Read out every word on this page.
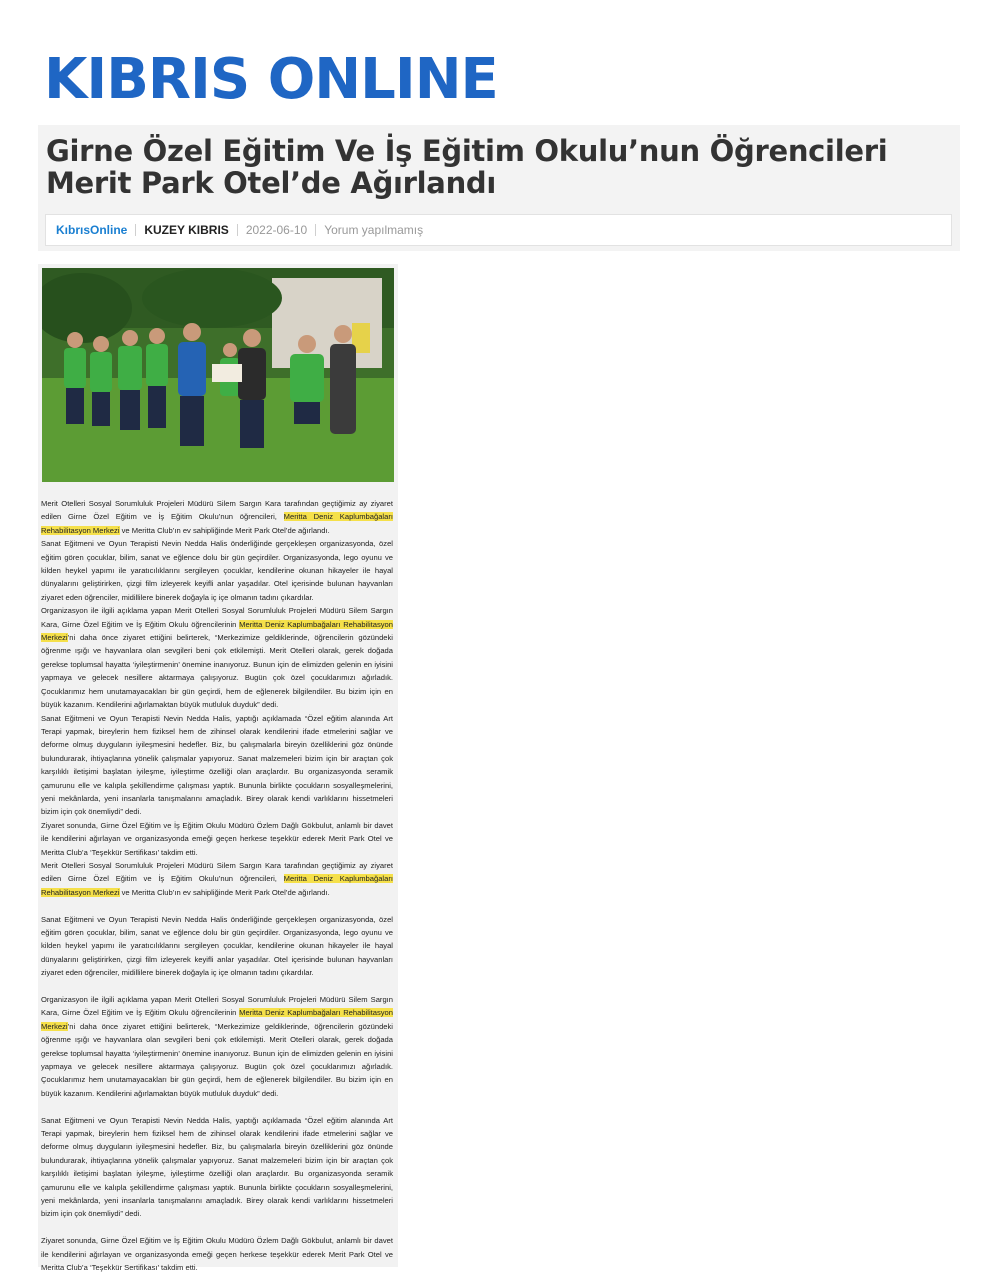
KIBRIS ONLINE
Girne Özel Eğitim Ve İş Eğitim Okulu’nun Öğrencileri Merit Park Otel’de Ağırlandı
KıbrısOnline	KUZEY KIBRIS	2022-06-10	Yorum yapılmamış

Merit Otelleri Sosyal Sorumluluk Projeleri Müdürü Silem Sargın Kara tarafından geçtiğimiz ay ziyaret edilen Girne Özel Eğitim ve İş Eğitim Okulu’nun öğrencileri, Meritta Deniz Kaplumbağaları Rehabilitasyon Merkezi ve Meritta Club’ın ev sahipliğinde Merit Park Otel’de ağırlandı.

Sanat Eğitmeni ve Oyun Terapisti Nevin Nedda Halis önderliğinde gerçekleşen organizasyonda, özel eğitim gören çocuklar, bilim, sanat ve eğlence dolu bir gün geçirdiler. Organizasyonda, lego oyunu ve kilden heykel yapımı ile yaratıcılıklarını sergileyen çocuklar, kendilerine okunan hikayeler ile hayal dünyalarını geliştirirken, çizgi film izleyerek keyifli anlar yaşadılar. Otel içerisinde bulunan hayvanları ziyaret eden öğrenciler, midillilere binerek doğayla iç içe olmanın tadını çıkardılar.

Organizasyon ile ilgili açıklama yapan Merit Otelleri Sosyal Sorumluluk Projeleri Müdürü Silem Sargın Kara, Girne Özel Eğitim ve İş Eğitim Okulu öğrencilerinin Meritta Deniz Kaplumbağaları Rehabilitasyon Merkezi’ni daha önce ziyaret ettiğini belirterek, “Merkezimize geldiklerinde, öğrencilerin gözündeki öğrenme ışığı ve hayvanlara olan sevgileri beni çok etkilemişti. Merit Otelleri olarak, gerek doğada gerekse toplumsal hayatta ‘iyileştirmenin’ önemine inanıyoruz. Bunun için de elimizden gelenin en iyisini yapmaya ve gelecek nesillere aktarmaya çalışıyoruz. Bugün çok özel çocuklarımızı ağırladık. Çocuklarımız hem unutamayacakları bir gün geçirdi, hem de eğlenerek bilgilendiler. Bu bizim için en büyük kazanım. Kendilerini ağırlamaktan büyük mutluluk duyduk” dedi.

Sanat Eğitmeni ve Oyun Terapisti Nevin Nedda Halis, yaptığı açıklamada “Özel eğitim alanında Art Terapi yapmak, bireylerin hem fiziksel hem de zihinsel olarak kendilerini ifade etmelerini sağlar ve deforme olmuş duyguların iyileşmesini hedefler. Biz, bu çalışmalarla bireyin özelliklerini göz önünde bulundurarak, ihtiyaçlarına yönelik çalışmalar yapıyoruz. Sanat malzemeleri bizim için bir araçtan çok karşılıklı iletişimi başlatan iyileşme, iyileştirme özelliği olan araçlardır. Bu organizasyonda seramik çamurunu elle ve kalıpla şekillendirme çalışması yaptık. Bununla birlikte çocukların sosyalleşmelerini, yeni mekânlarda, yeni insanlarla tanışmalarını amaçladık. Birey olarak kendi varlıklarını hissetmeleri bizim için çok önemliydi” dedi.

Ziyaret sonunda, Girne Özel Eğitim ve İş Eğitim Okulu Müdürü Özlem Dağlı Gökbulut, anlamlı bir davet ile kendilerini ağırlayan ve organizasyonda emeği geçen herkese teşekkür ederek Merit Park Otel ve Meritta Club’a ‘Teşekkür Sertifikası’ takdim etti.

Merit Otelleri Sosyal Sorumluluk Projeleri Müdürü Silem Sargın Kara tarafından geçtiğimiz ay ziyaret edilen Girne Özel Eğitim ve İş Eğitim Okulu’nun öğrencileri, Meritta Deniz Kaplumbağaları Rehabilitasyon Merkezi ve Meritta Club’ın ev sahipliğinde Merit Park Otel’de ağırlandı.

Sanat Eğitmeni ve Oyun Terapisti Nevin Nedda Halis önderliğinde gerçekleşen organizasyonda, özel eğitim gören çocuklar, bilim, sanat ve eğlence dolu bir gün geçirdiler. Organizasyonda, lego oyunu ve kilden heykel yapımı ile yaratıcılıklarını sergileyen çocuklar, kendilerine okunan hikayeler ile hayal dünyalarını geliştirirken, çizgi film izleyerek keyifli anlar yaşadılar. Otel içerisinde bulunan hayvanları ziyaret eden öğrenciler, midillilere binerek doğayla iç içe olmanın tadını çıkardılar.

Organizasyon ile ilgili açıklama yapan Merit Otelleri Sosyal Sorumluluk Projeleri Müdürü Silem Sargın Kara, Girne Özel Eğitim ve İş Eğitim Okulu öğrencilerinin Meritta Deniz Kaplumbağaları Rehabilitasyon Merkezi’ni daha önce ziyaret ettiğini belirterek, “Merkezimize geldiklerinde, öğrencilerin gözündeki öğrenme ışığı ve hayvanlara olan sevgileri beni çok etkilemişti. Merit Otelleri olarak, gerek doğada gerekse toplumsal hayatta ‘iyileştirmenin’ önemine inanıyoruz. Bunun için de elimizden gelenin en iyisini yapmaya ve gelecek nesillere aktarmaya çalışıyoruz. Bugün çok özel çocuklarımızı ağırladık. Çocuklarımız hem unutamayacakları bir gün geçirdi, hem de eğlenerek bilgilendiler. Bu bizim için en büyük kazanım. Kendilerini ağırlamaktan büyük mutluluk duyduk” dedi.

Sanat Eğitmeni ve Oyun Terapisti Nevin Nedda Halis, yaptığı açıklamada “Özel eğitim alanında Art Terapi yapmak, bireylerin hem fiziksel hem de zihinsel olarak kendilerini ifade etmelerini sağlar ve deforme olmuş duyguların iyileşmesini hedefler. Biz, bu çalışmalarla bireyin özelliklerini göz önünde bulundurarak, ihtiyaçlarına yönelik çalışmalar yapıyoruz. Sanat malzemeleri bizim için bir araçtan çok karşılıklı iletişimi başlatan iyileşme, iyileştirme özelliği olan araçlardır. Bu organizasyonda seramik çamurunu elle ve kalıpla şekillendirme çalışması yaptık. Bununla birlikte çocukların sosyalleşmelerini, yeni mekânlarda, yeni insanlarla tanışmalarını amaçladık. Birey olarak kendi varlıklarını hissetmeleri bizim için çok önemliydi” dedi.

Ziyaret sonunda, Girne Özel Eğitim ve İş Eğitim Okulu Müdürü Özlem Dağlı Gökbulut, anlamlı bir davet ile kendilerini ağırlayan ve organizasyonda emeği geçen herkese teşekkür ederek Merit Park Otel ve Meritta Club’a ‘Teşekkür Sertifikası’ takdim etti.
